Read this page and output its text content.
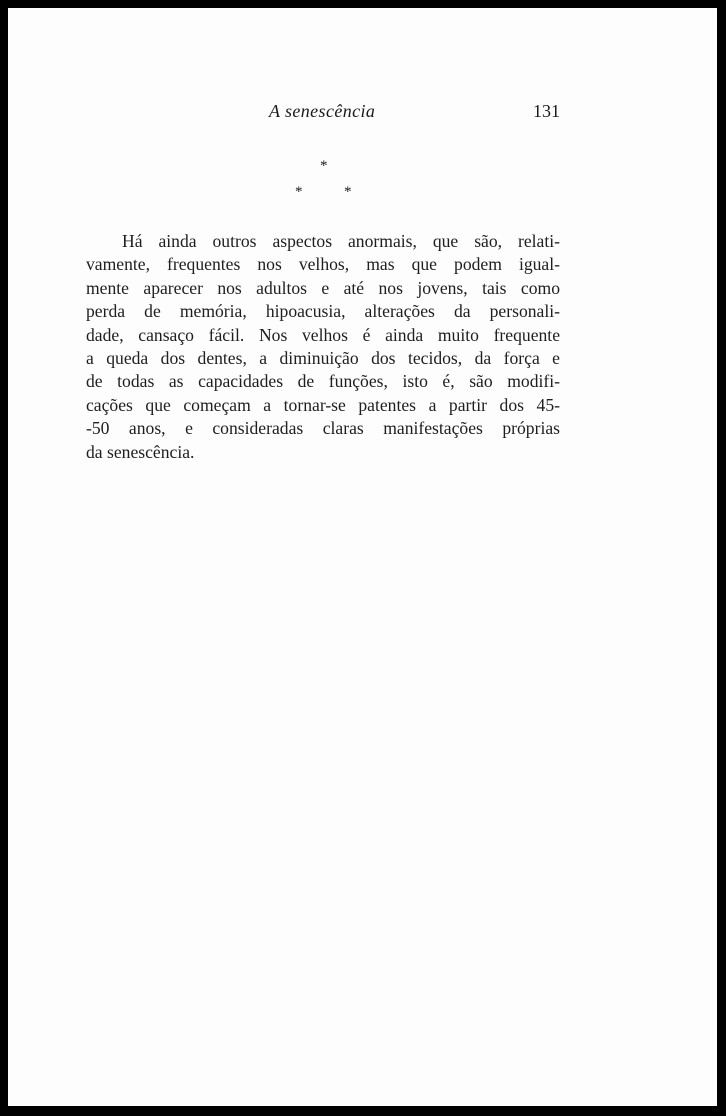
A senescência	131
*
*	*
Há ainda outros aspectos anormais, que são, relati-
vamente, frequentes nos velhos, mas que podem igual-
mente aparecer nos adultos e até nos jovens, tais como
perda de memória, hipoacusia, alterações da personali-
dade, cansaço fácil. Nos velhos é ainda muito frequente
a queda dos dentes, a diminuição dos tecidos, da força e
de todas as capacidades de funções, isto é, são modifi-
cações que começam a tornar-se patentes a partir dos 45-
-50 anos, e consideradas claras manifestações próprias
da senescência.
